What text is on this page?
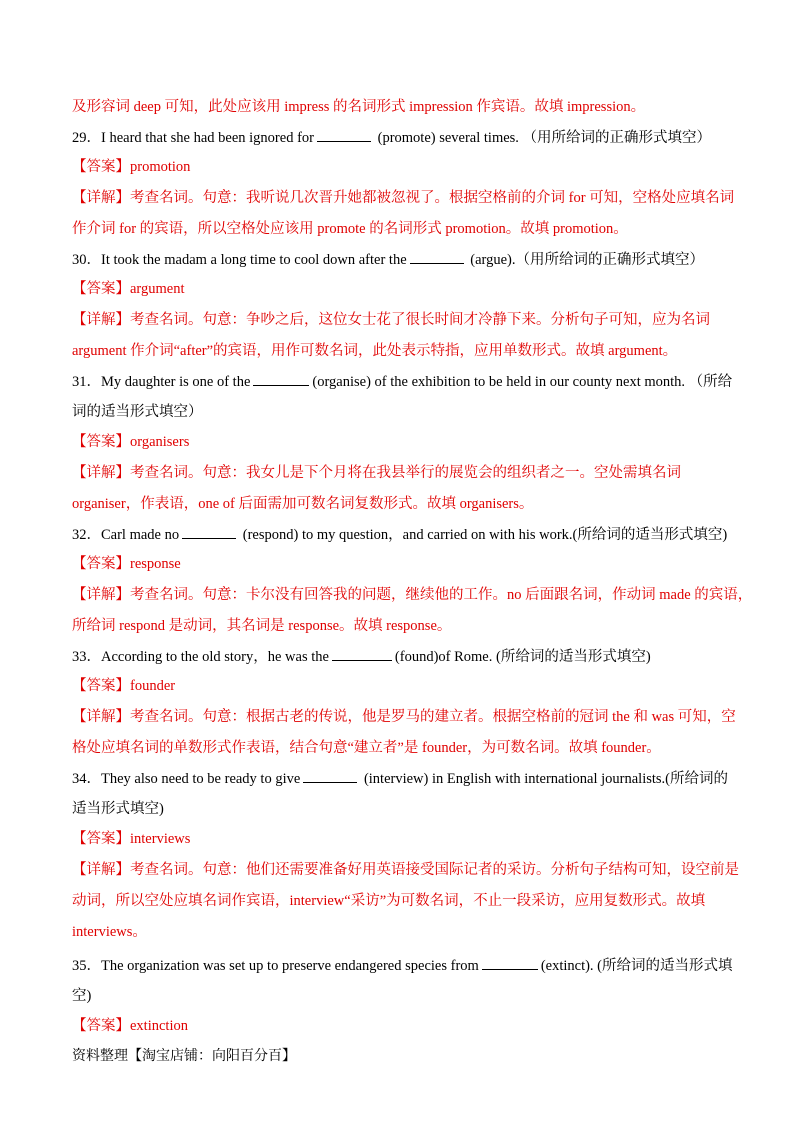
及形容词 deep 可知，此处应该用 impress 的名词形式 impression 作宾语。故填 impression。
29．I heard that she had been ignored for	(promote) several times. （用所给词的正确形式填空）
【答案】promotion
【详解】考查名词。句意：我听说几次晋升她都被忽视了。根据空格前的介词 for 可知，空格处应填名词
作介词 for 的宾语，所以空格处应该用 promote 的名词形式 promotion。故填 promotion。
30．It took the madam a long time to cool down after the	(argue).（用所给词的正确形式填空）
【答案】argument
【详解】考查名词。句意：争吵之后，这位女士花了很长时间才冷静下来。分析句子可知，应为名词
argument 作介词“after”的宾语，用作可数名词，此处表示特指，应用单数形式。故填 argument。
31．My daughter is one of the	(organise) of the exhibition to be held in our county next month. （所给
词的适当形式填空）
【答案】organisers
【详解】考查名词。句意：我女儿是下个月将在我县举行的展览会的组织者之一。空处需填名词
organiser，作表语，one of 后面需加可数名词复数形式。故填 organisers。
32．Carl made no	(respond) to my question，and carried on with his work.(所给词的适当形式填空)
【答案】response
【详解】考查名词。句意：卡尔没有回答我的问题，继续他的工作。no 后面跟名词，作动词 made 的宾语，
所给词 respond 是动词，其名词是 response。故填 response。
33．According to the old story，he was the	(found)of Rome. (所给词的适当形式填空)
【答案】founder
【详解】考查名词。句意：根据古老的传说，他是罗马的建立者。根据空格前的冠词 the 和 was 可知，空
格处应填名词的单数形式作表语，结合句意“建立者”是 founder，为可数名词。故填 founder。
34．They also need to be ready to give	(interview) in English with international journalists.(所给词的
适当形式填空)
【答案】interviews
【详解】考查名词。句意：他们还需要准备好用英语接受国际记者的采访。分析句子结构可知，设空前是
动词，所以空处应填名词作宾语，interview“采访”为可数名词，不止一段采访，应用复数形式。故填
interviews。
35．The organization was set up to preserve endangered species from	(extinct). (所给词的适当形式填
空)
【答案】extinction
资料整理【淘宝店铺：向阳百分百】
